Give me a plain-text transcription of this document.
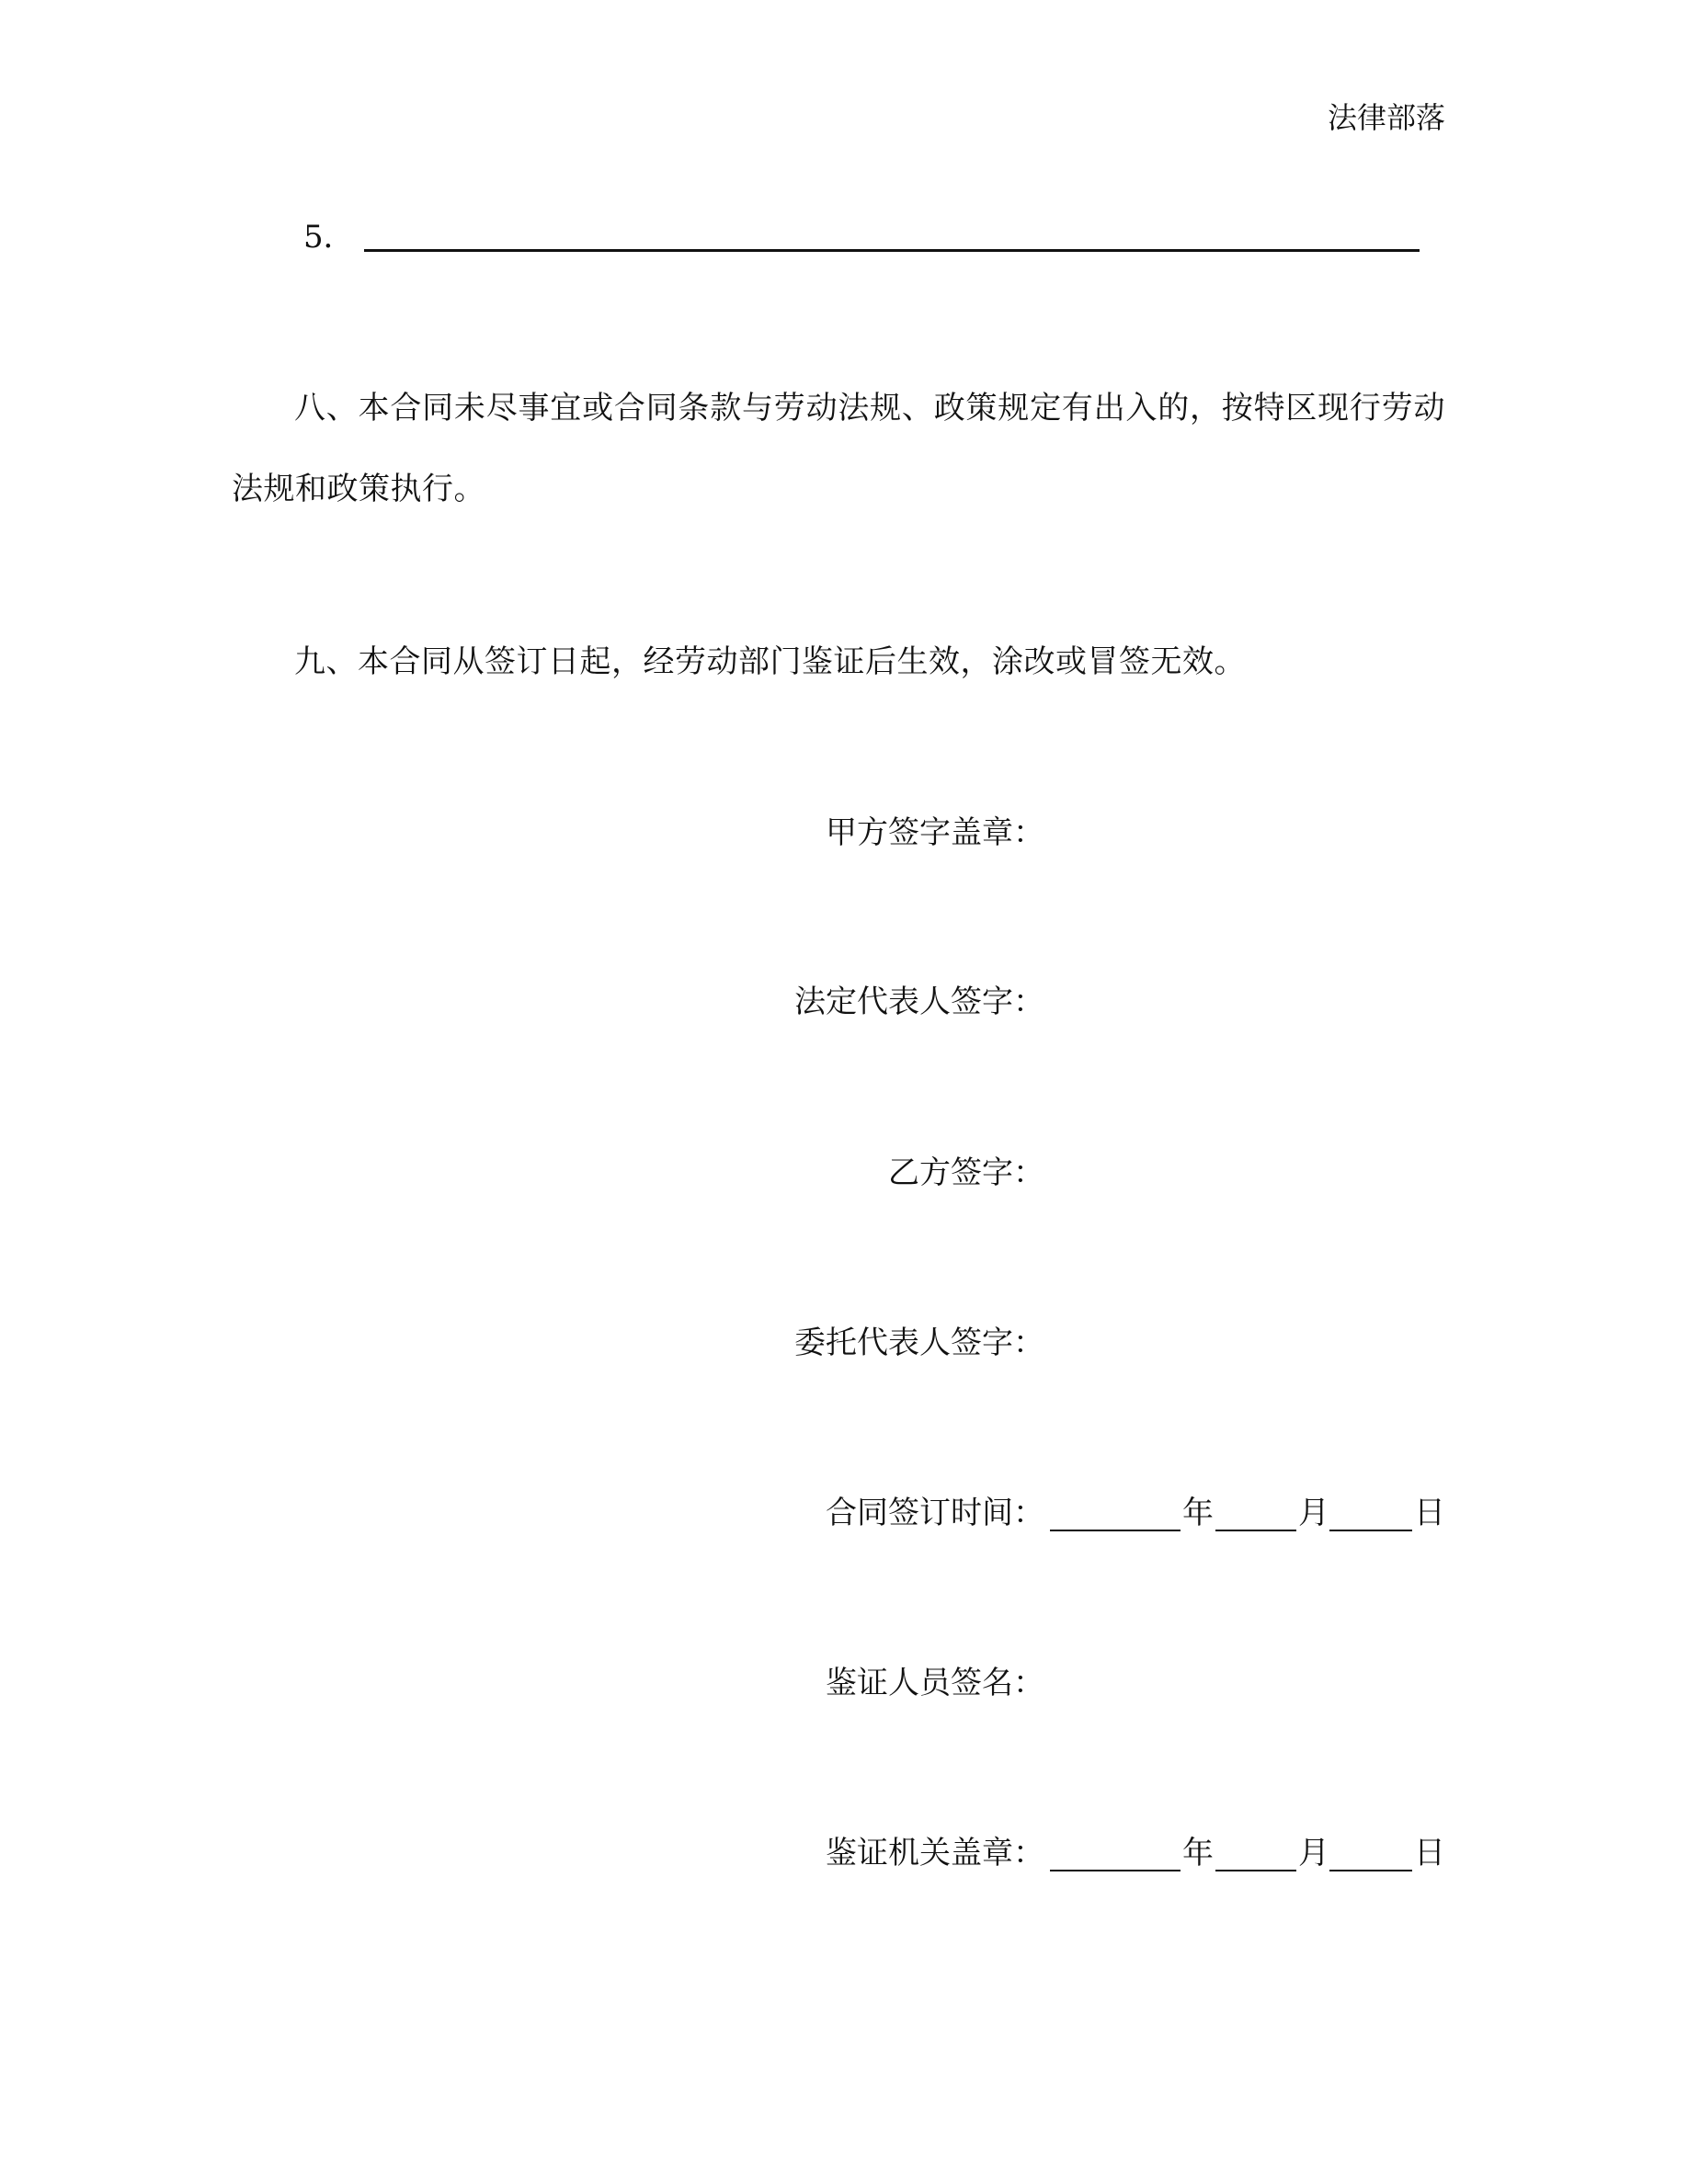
法律部落
5．
八、本合同未尽事宜或合同条款与劳动法规、政策规定有出入的，按特区现行劳动法规和政策执行。
九、本合同从签订日起，经劳动部门鉴证后生效，涂改或冒签无效。
甲方签字盖章：
法定代表人签字：
乙方签字：
委托代表人签字：
合同签订时间：	年	月	日
鉴证人员签名：
鉴证机关盖章：	年	月	日
